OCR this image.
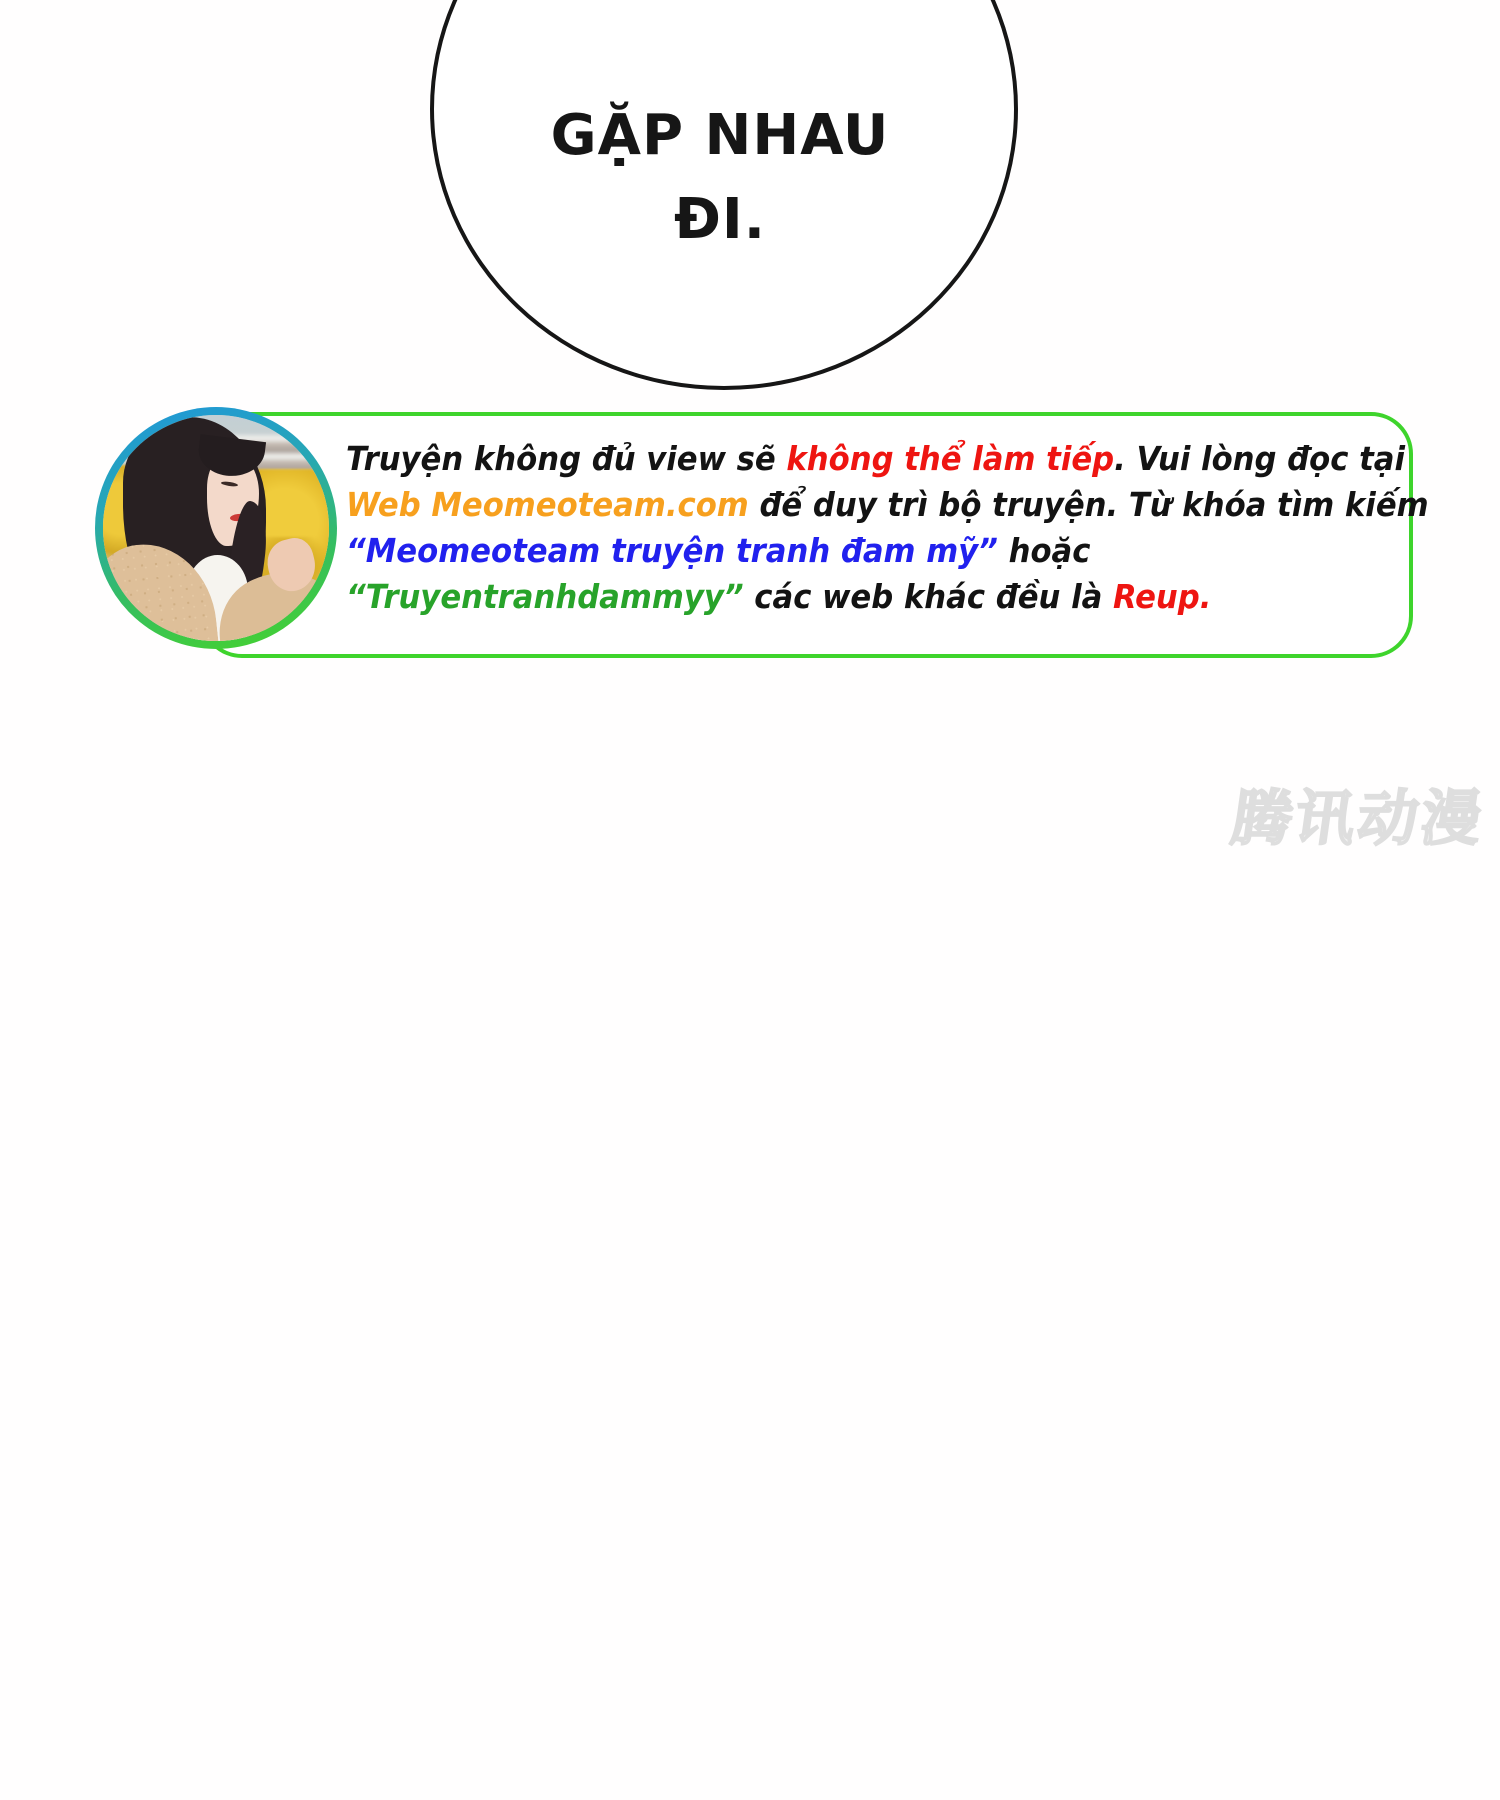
GẶP NHAU
ĐI.
Truyện không đủ view sẽ không thể làm tiếp. Vui lòng đọc tại
Web Meomeoteam.com để duy trì bộ truyện. Từ khóa tìm kiếm
“Meomeoteam truyện tranh đam mỹ” hoặc
“Truyentranhdammyy” các web khác đều là Reup.
腾讯动漫
